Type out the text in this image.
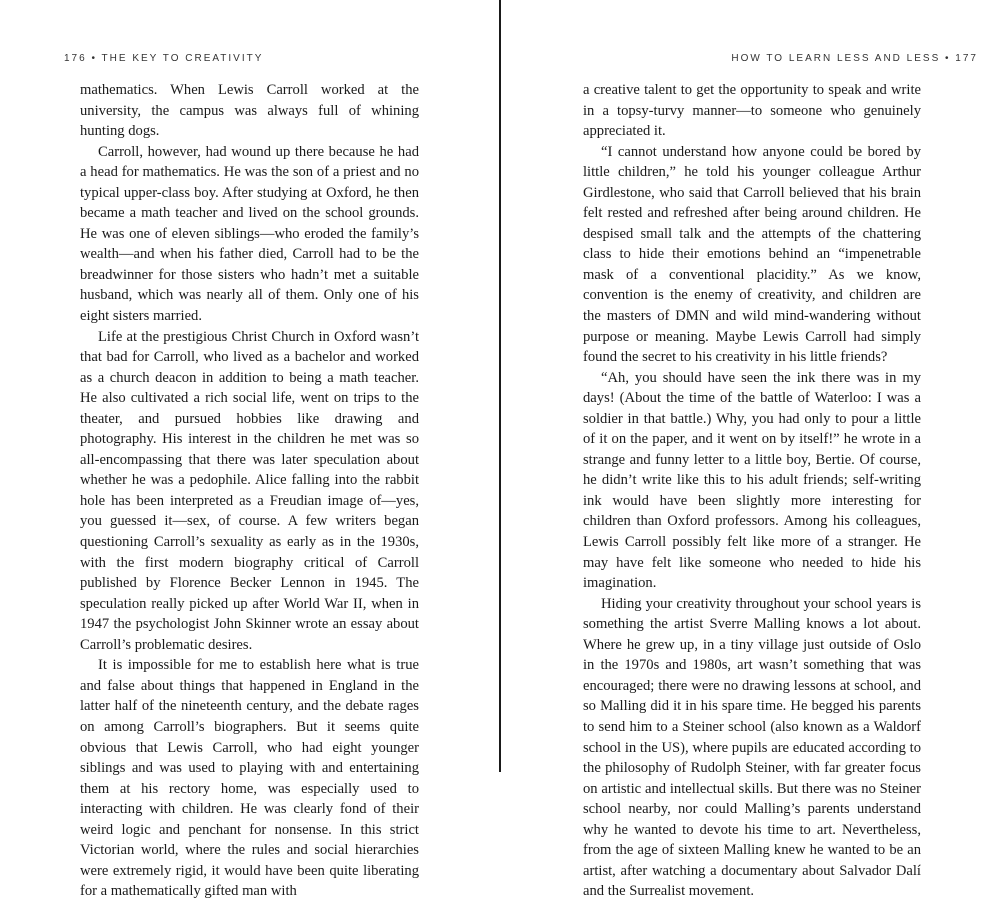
176 • THE KEY TO CREATIVITY

mathematics. When Lewis Carroll worked at the university, the campus was always full of whining hunting dogs.

Carroll, however, had wound up there because he had a head for mathematics. He was the son of a priest and no typical upper-class boy. After studying at Oxford, he then became a math teacher and lived on the school grounds. He was one of eleven siblings—who eroded the family’s wealth—and when his father died, Carroll had to be the breadwinner for those sisters who hadn’t met a suitable husband, which was nearly all of them. Only one of his eight sisters married.

Life at the prestigious Christ Church in Oxford wasn’t that bad for Carroll, who lived as a bachelor and worked as a church deacon in addition to being a math teacher. He also cultivated a rich social life, went on trips to the theater, and pursued hobbies like drawing and photography. His interest in the children he met was so all-encompassing that there was later speculation about whether he was a pedophile. Alice falling into the rabbit hole has been interpreted as a Freudian image of—yes, you guessed it—sex, of course. A few writers began questioning Carroll’s sexuality as early as in the 1930s, with the first modern biography critical of Carroll published by Florence Becker Lennon in 1945. The speculation really picked up after World War II, when in 1947 the psychologist John Skinner wrote an essay about Carroll’s problematic desires.

It is impossible for me to establish here what is true and false about things that happened in England in the latter half of the nineteenth century, and the debate rages on among Carroll’s biographers. But it seems quite obvious that Lewis Carroll, who had eight younger siblings and was used to playing with and entertaining them at his rectory home, was especially used to interacting with children. He was clearly fond of their weird logic and penchant for nonsense. In this strict Victorian world, where the rules and social hierarchies were extremely rigid, it would have been quite liberating for a mathematically gifted man with

HOW TO LEARN LESS AND LESS • 177

a creative talent to get the opportunity to speak and write in a topsy-turvy manner—to someone who genuinely appreciated it.

“I cannot understand how anyone could be bored by little children,” he told his younger colleague Arthur Girdlestone, who said that Carroll believed that his brain felt rested and refreshed after being around children. He despised small talk and the attempts of the chattering class to hide their emotions behind an “impenetrable mask of a conventional placidity.” As we know, convention is the enemy of creativity, and children are the masters of DMN and wild mind-wandering without purpose or meaning. Maybe Lewis Carroll had simply found the secret to his creativity in his little friends?

“Ah, you should have seen the ink there was in my days! (About the time of the battle of Waterloo: I was a soldier in that battle.) Why, you had only to pour a little of it on the paper, and it went on by itself!” he wrote in a strange and funny letter to a little boy, Bertie. Of course, he didn’t write like this to his adult friends; self-writing ink would have been slightly more interesting for children than Oxford professors. Among his colleagues, Lewis Carroll possibly felt like more of a stranger. He may have felt like someone who needed to hide his imagination.

Hiding your creativity throughout your school years is something the artist Sverre Malling knows a lot about. Where he grew up, in a tiny village just outside of Oslo in the 1970s and 1980s, art wasn’t something that was encouraged; there were no drawing lessons at school, and so Malling did it in his spare time. He begged his parents to send him to a Steiner school (also known as a Waldorf school in the US), where pupils are educated according to the philosophy of Rudolph Steiner, with far greater focus on artistic and intellectual skills. But there was no Steiner school nearby, nor could Malling’s parents understand why he wanted to devote his time to art. Nevertheless, from the age of sixteen Malling knew he wanted to be an artist, after watching a documentary about Salvador Dalí and the Surrealist movement.
